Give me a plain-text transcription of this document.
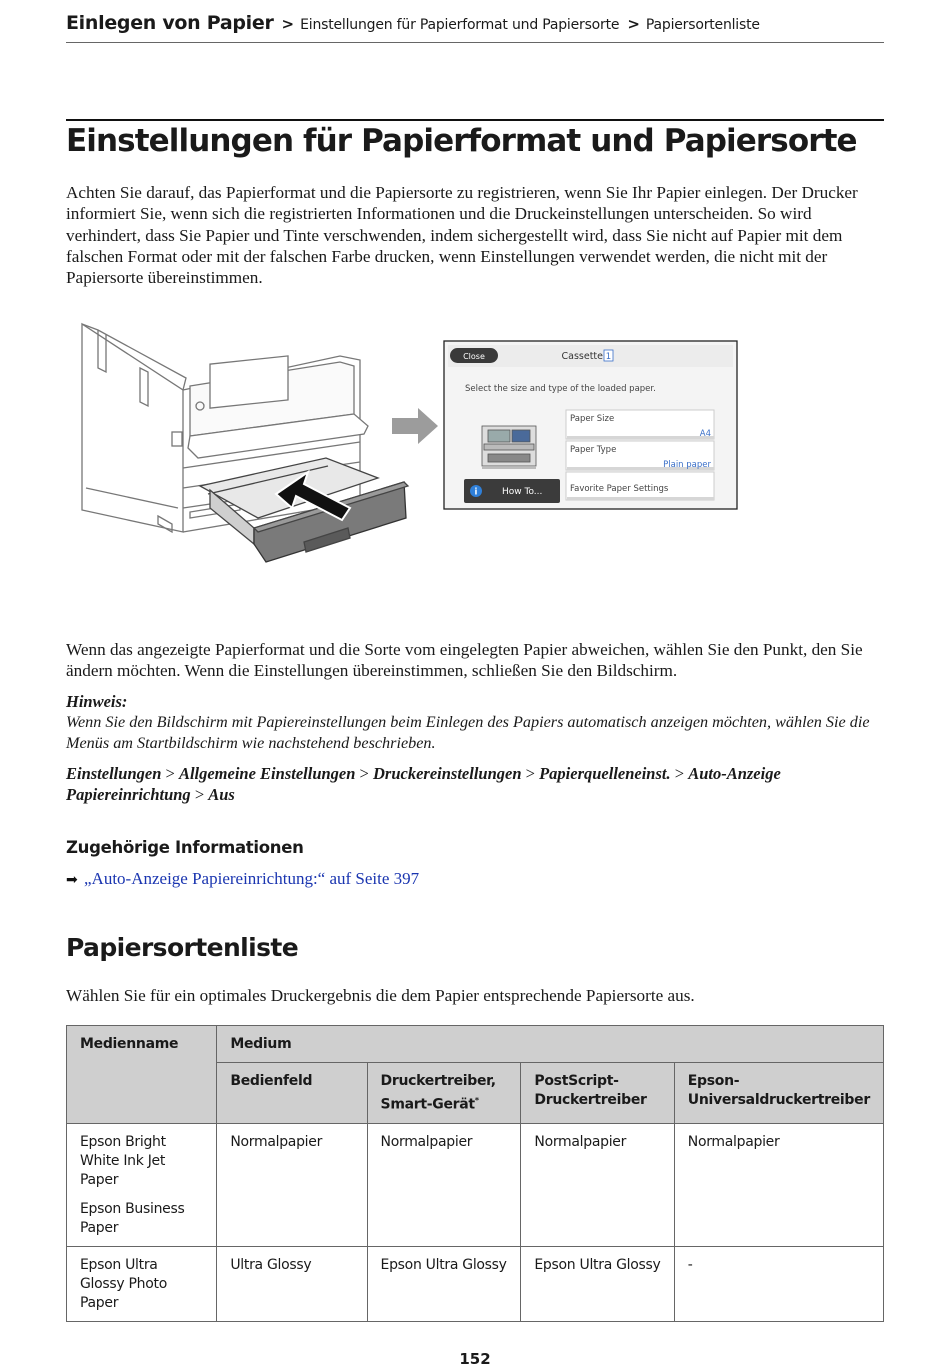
Einlegen von Papier > Einstellungen für Papierformat und Papiersorte > Papiersortenliste
Einstellungen für Papierformat und Papiersorte

Achten Sie darauf, das Papierformat und die Papiersorte zu registrieren, wenn Sie Ihr Papier einlegen. Der Drucker informiert Sie, wenn sich die registrierten Informationen und die Druckeinstellungen unterscheiden. So wird verhindert, dass Sie Papier und Tinte verschwenden, indem sichergestellt wird, dass Sie nicht auf Papier mit dem falschen Format oder mit der falschen Farbe drucken, wenn Einstellungen verwendet werden, die nicht mit der Papiersorte übereinstimmen.

Close	Cassette 1
Select the size and type of the loaded paper.
Paper Size
A4
Paper Type
Plain paper
Favorite Paper Settings
i	How To...

Wenn das angezeigte Papierformat und die Sorte vom eingelegten Papier abweichen, wählen Sie den Punkt, den Sie ändern möchten. Wenn die Einstellungen übereinstimmen, schließen Sie den Bildschirm.

Hinweis:

Wenn Sie den Bildschirm mit Papiereinstellungen beim Einlegen des Papiers automatisch anzeigen möchten, wählen Sie die Menüs am Startbildschirm wie nachstehend beschrieben.

Einstellungen > Allgemeine Einstellungen > Druckereinstellungen > Papierquelleneinst. > Auto-Anzeige Papiereinrichtung > Aus

Zugehörige Informationen
➡ „Auto-Anzeige Papiereinrichtung:“ auf Seite 397
Papiersortenliste

Wählen Sie für ein optimales Druckergebnis die dem Papier entsprechende Papiersorte aus.

Medienname	Medium			
	Bedienfeld	Druckertreiber, Smart-Gerät*	PostScript-Druckertreiber	Epson-Universaldruckertreiber

Epson Bright White Ink Jet Paper

Epson Business Paper	Normalpapier	Normalpapier	Normalpapier	Normalpapier

Epson Ultra Glossy Photo Paper	Ultra Glossy	Epson Ultra Glossy	Epson Ultra Glossy	-
152
